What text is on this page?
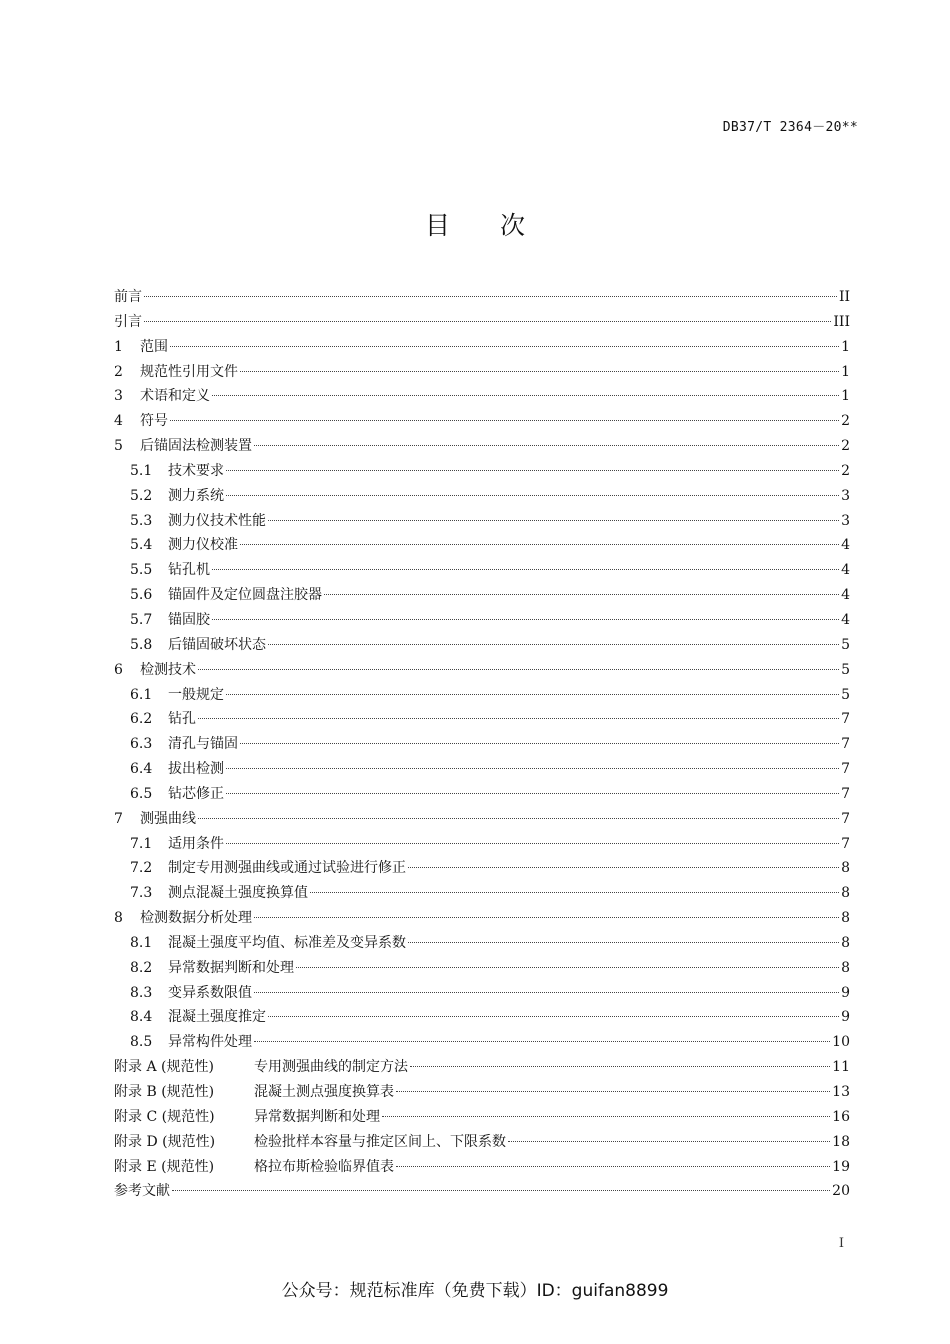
DB37/T 2364－20**
目 次
前言	II
引言	III
1	范围	1
2	规范性引用文件	1
3	术语和定义	1
4	符号	2
5	后锚固法检测装置	2
5.1	技术要求	2
5.2	测力系统	3
5.3	测力仪技术性能	3
5.4	测力仪校准	4
5.5	钻孔机	4
5.6	锚固件及定位圆盘注胶器	4
5.7	锚固胶	4
5.8	后锚固破坏状态	5
6	检测技术	5
6.1	一般规定	5
6.2	钻孔	7
6.3	清孔与锚固	7
6.4	拔出检测	7
6.5	钻芯修正	7
7	测强曲线	7
7.1	适用条件	7
7.2	制定专用测强曲线或通过试验进行修正	8
7.3	测点混凝土强度换算值	8
8	检测数据分析处理	8
8.1	混凝土强度平均值、标准差及变异系数	8
8.2	异常数据判断和处理	8
8.3	变异系数限值	9
8.4	混凝土强度推定	9
8.5	异常构件处理	10
附录 A (规范性)	专用测强曲线的制定方法	11
附录 B (规范性)	混凝土测点强度换算表	13
附录 C (规范性)	异常数据判断和处理	16
附录 D (规范性)	检验批样本容量与推定区间上、下限系数	18
附录 E (规范性)	格拉布斯检验临界值表	19
参考文献	20
I
公众号：规范标准库（免费下载）ID：guifan8899
